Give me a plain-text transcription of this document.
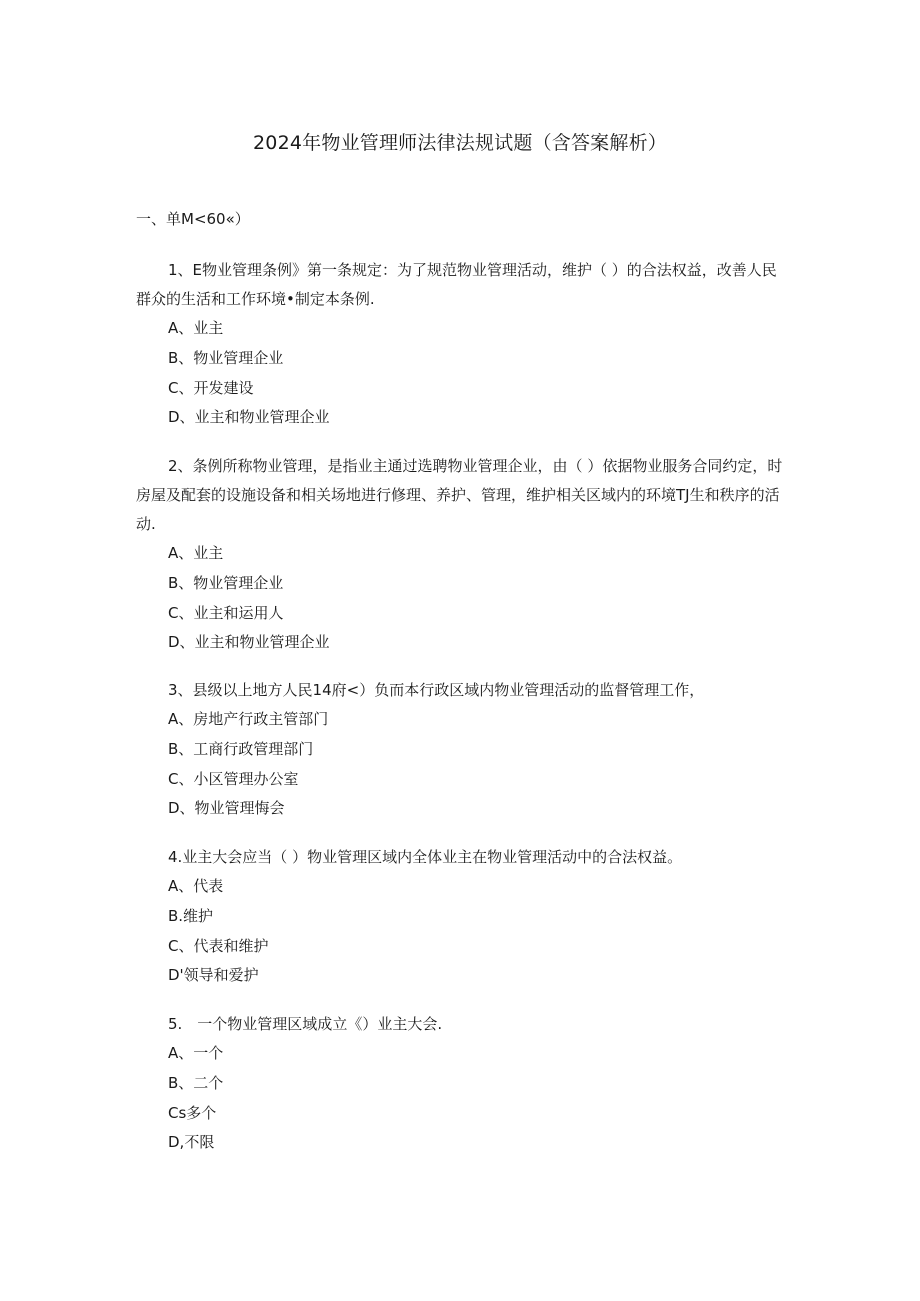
2024年物业管理师法律法规试题（含答案解析）
一、单M<60«）

1、E物业管理条例》第一条规定：为了规范物业管理活动，维护（ ）的合法权益，改善人民群众的生活和工作环境•制定本条例.

A、业主
B、物业管理企业
C、开发建设
D、业主和物业管理企业

2、条例所称物业管理，是指业主通过选聘物业管理企业，由（ ）依据物业服务合同约定，时房屋及配套的设施设备和相关场地进行修理、养护、管理，维护相关区域内的环境TJ生和秩序的活动.

A、业主
B、物业管理企业
C、业主和运用人
D、业主和物业管理企业

3、县级以上地方人民14府<）负而本行政区域内物业管理活动的监督管理工作，

A、房地产行政主管部门
B、工商行政管理部门
C、小区管理办公室
D、物业管理悔会

4.业主大会应当（ ）物业管理区域内全体业主在物业管理活动中的合法权益。

A、代表
B.维护
C、代表和维护
D'领导和爱护

5.　一个物业管理区域成立《）业主大会.

A、一个
B、二个
Cs多个
D,不限
